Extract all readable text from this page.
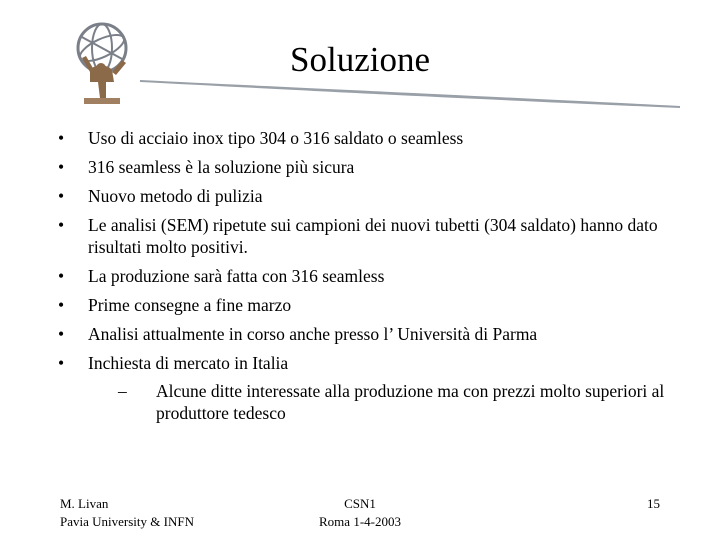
Soluzione
• Uso di acciaio inox tipo 304 o 316 saldato o seamless
• 316 seamless è la soluzione più sicura
• Nuovo metodo di pulizia
• Le analisi (SEM) ripetute sui campioni dei nuovi tubetti (304 saldato) hanno dato risultati molto positivi.
• La produzione sarà fatta con 316 seamless
• Prime consegne a fine marzo
• Analisi attualmente in corso anche presso l’ Università di Parma
• Inchiesta di mercato in Italia
– Alcune ditte interessate alla produzione ma con prezzi molto superiori al produttore tedesco
M. Livan
Pavia University & INFN
CSN1
Roma 1-4-2003
15
